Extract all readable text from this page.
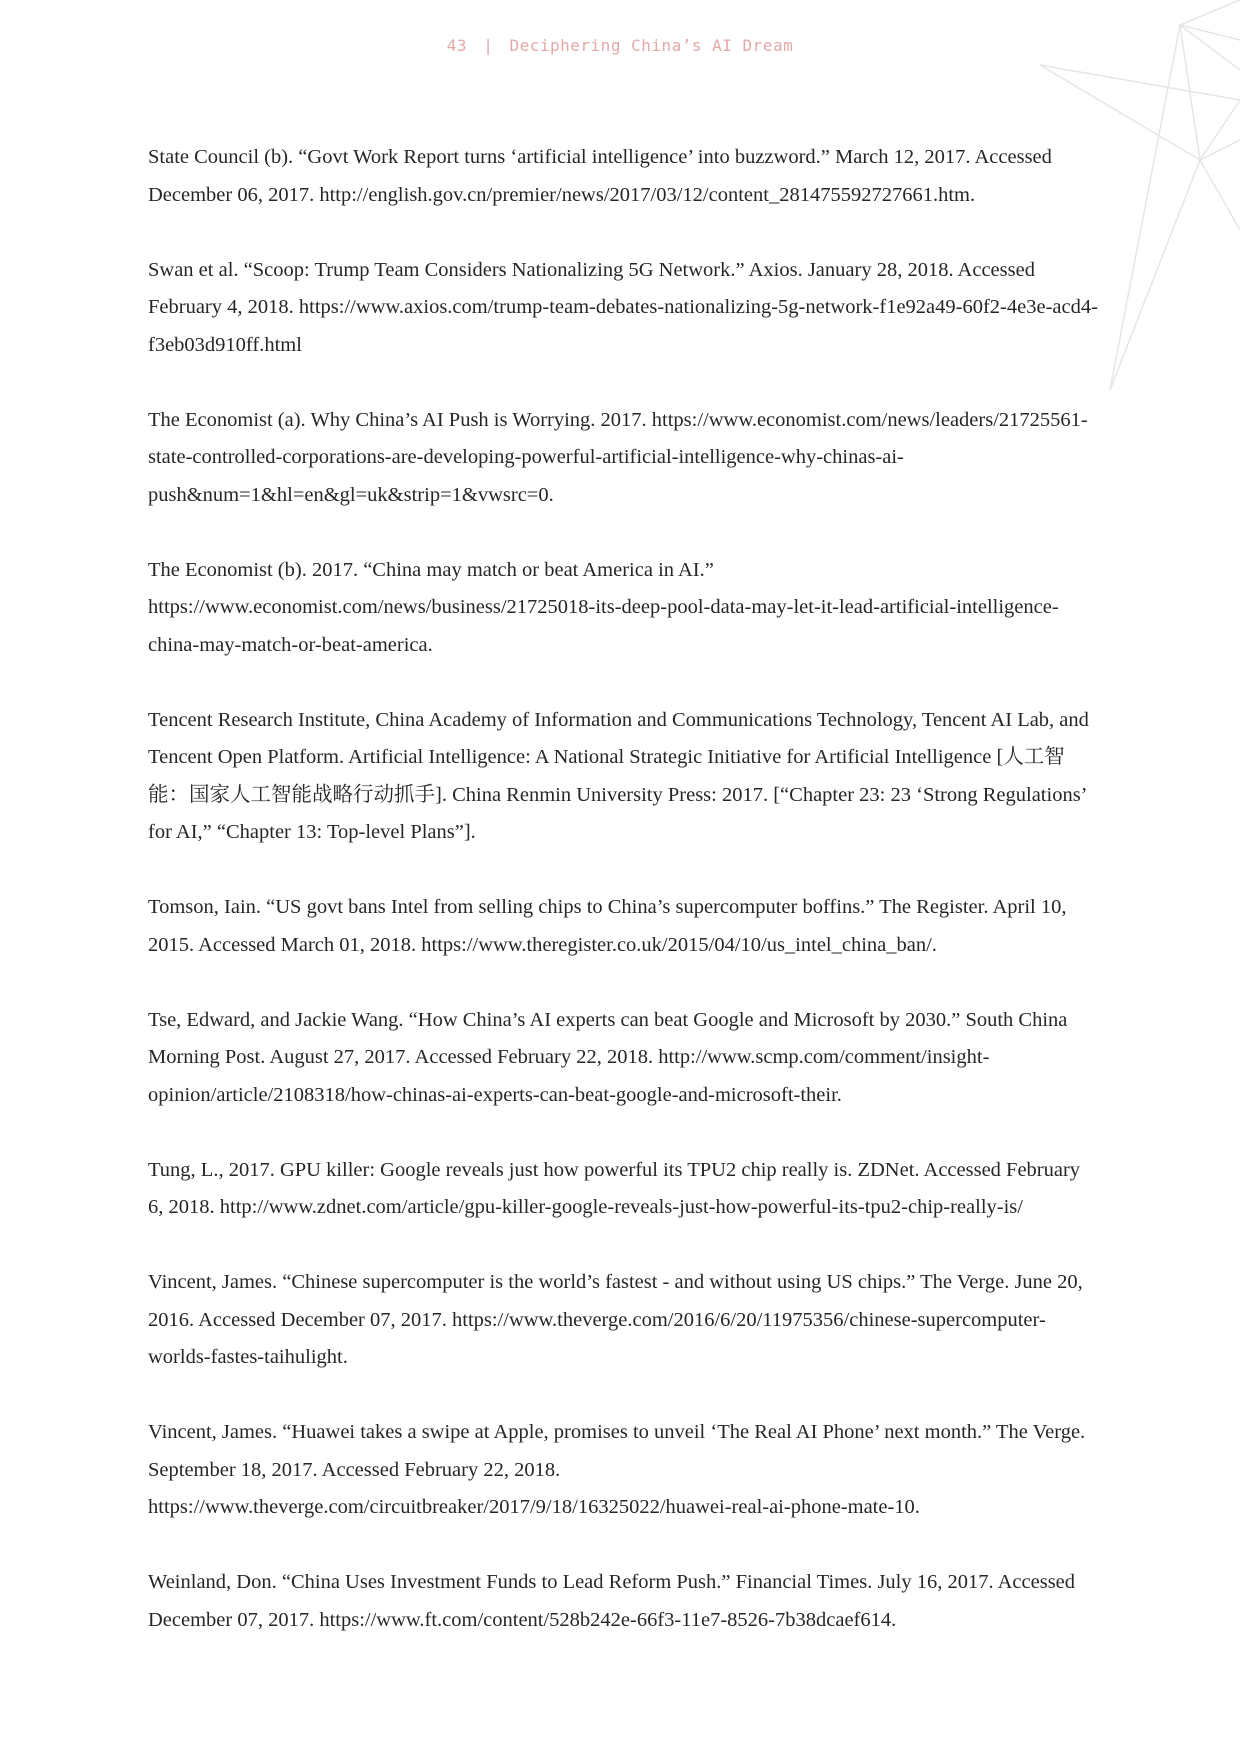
43 | Deciphering China’s AI Dream

State Council (b). “Govt Work Report turns ‘artificial intelligence’ into buzzword.” March 12, 2017. Accessed December 06, 2017. http://english.gov.cn/premier/news/2017/03/12/content_281475592727661.htm.

Swan et al. “Scoop: Trump Team Considers Nationalizing 5G Network.” Axios. January 28, 2018. Accessed February 4, 2018. https://www.axios.com/trump-team-debates-nationalizing-5g-network-f1e92a49-60f2-4e3e-acd4-f3eb03d910ff.html

The Economist (a). Why China’s AI Push is Worrying. 2017. https://www.economist.com/news/leaders/21725561-state-controlled-corporations-are-developing-powerful-artificial-intelligence-why-chinas-ai-push&num=1&hl=en&gl=uk&strip=1&vwsrc=0.

The Economist (b). 2017. “China may match or beat America in AI.” https://www.economist.com/news/business/21725018-its-deep-pool-data-may-let-it-lead-artificial-intelligence-china-may-match-or-beat-america.

Tencent Research Institute, China Academy of Information and Communications Technology, Tencent AI Lab, and Tencent Open Platform. Artificial Intelligence: A National Strategic Initiative for Artificial Intelligence [人工智能：国家人工智能战略行动抓手]. China Renmin University Press: 2017. [“Chapter 23: 23 ‘Strong Regulations’ for AI,” “Chapter 13: Top-level Plans”].

Tomson, Iain. “US govt bans Intel from selling chips to China’s supercomputer boffins.” The Register. April 10, 2015. Accessed March 01, 2018. https://www.theregister.co.uk/2015/04/10/us_intel_china_ban/.

Tse, Edward, and Jackie Wang. “How China’s AI experts can beat Google and Microsoft by 2030.” South China Morning Post. August 27, 2017. Accessed February 22, 2018. http://www.scmp.com/comment/insight-opinion/article/2108318/how-chinas-ai-experts-can-beat-google-and-microsoft-their.

Tung, L., 2017. GPU killer: Google reveals just how powerful its TPU2 chip really is. ZDNet. Accessed February 6, 2018. http://www.zdnet.com/article/gpu-killer-google-reveals-just-how-powerful-its-tpu2-chip-really-is/

Vincent, James. “Chinese supercomputer is the world’s fastest - and without using US chips.” The Verge. June 20, 2016. Accessed December 07, 2017. https://www.theverge.com/2016/6/20/11975356/chinese-supercomputer-worlds-fastes-taihulight.

Vincent, James. “Huawei takes a swipe at Apple, promises to unveil ‘The Real AI Phone’ next month.” The Verge. September 18, 2017. Accessed February 22, 2018. https://www.theverge.com/circuitbreaker/2017/9/18/16325022/huawei-real-ai-phone-mate-10.

Weinland, Don. “China Uses Investment Funds to Lead Reform Push.” Financial Times. July 16, 2017. Accessed December 07, 2017. https://www.ft.com/content/528b242e-66f3-11e7-8526-7b38dcaef614.
